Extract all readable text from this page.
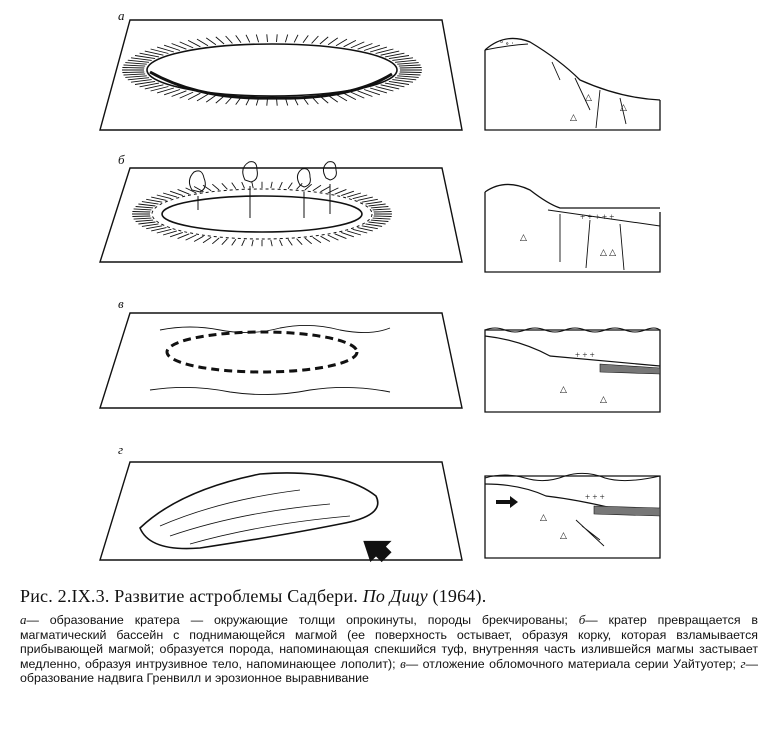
а
б
в
г
° ∘ ·
△
△
△
+ + + + +
△
△ △
+ + +
△
△
△
△
+ + +
Рис. 2.IX.3. Развитие астроблемы Садбери. По Дицу (1964).
а— образование кратера — окружающие толщи опрокинуты, породы брекчированы; б— кратер превращается в магматический бассейн с поднимающейся магмой (ее поверхность остывает, образуя корку, которая взламывается прибывающей магмой; образуется порода, напоминающая спекшийся туф, внутренняя часть излившейся магмы застывает медленно, образуя интрузивное тело, напоминающее лополит); в— отложение обломочного материала серии Уайтуотер; г— образование надвига Гренвилл и эрозионное выравнивание
